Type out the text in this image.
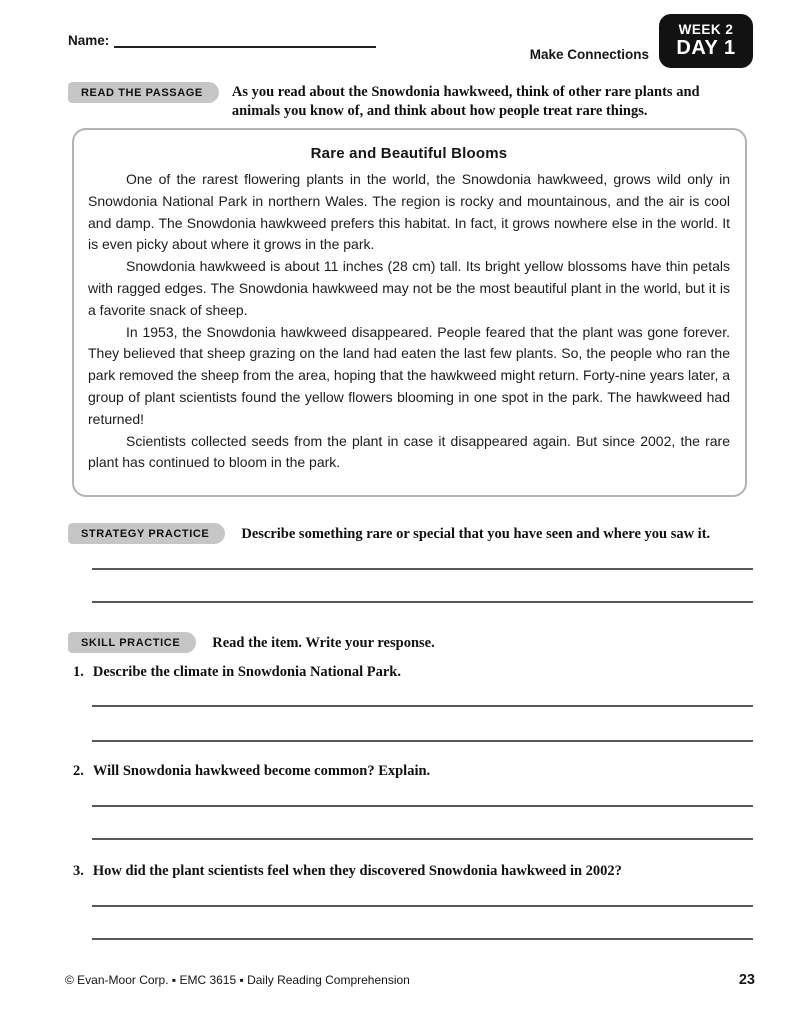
Name:
Make Connections
WEEK 2
DAY 1
READ THE PASSAGE	As you read about the Snowdonia hawkweed, think of other rare plants and animals you know of, and think about how people treat rare things.
Rare and Beautiful Blooms

One of the rarest flowering plants in the world, the Snowdonia hawkweed, grows wild only in Snowdonia National Park in northern Wales. The region is rocky and mountainous, and the air is cool and damp. The Snowdonia hawkweed prefers this habitat. In fact, it grows nowhere else in the world. It is even picky about where it grows in the park.

Snowdonia hawkweed is about 11 inches (28 cm) tall. Its bright yellow blossoms have thin petals with ragged edges. The Snowdonia hawkweed may not be the most beautiful plant in the world, but it is a favorite snack of sheep.

In 1953, the Snowdonia hawkweed disappeared. People feared that the plant was gone forever. They believed that sheep grazing on the land had eaten the last few plants. So, the people who ran the park removed the sheep from the area, hoping that the hawkweed might return. Forty-nine years later, a group of plant scientists found the yellow flowers blooming in one spot in the park. The hawkweed had returned!

Scientists collected seeds from the plant in case it disappeared again. But since 2002, the rare plant has continued to bloom in the park.

STRATEGY PRACTICE	Describe something rare or special that you have seen and where you saw it.
SKILL PRACTICE	Read the item. Write your response.
1. Describe the climate in Snowdonia National Park.
2. Will Snowdonia hawkweed become common? Explain.
3. How did the plant scientists feel when they discovered Snowdonia hawkweed in 2002?
© Evan-Moor Corp. ▪ EMC 3615 ▪ Daily Reading Comprehension	23
